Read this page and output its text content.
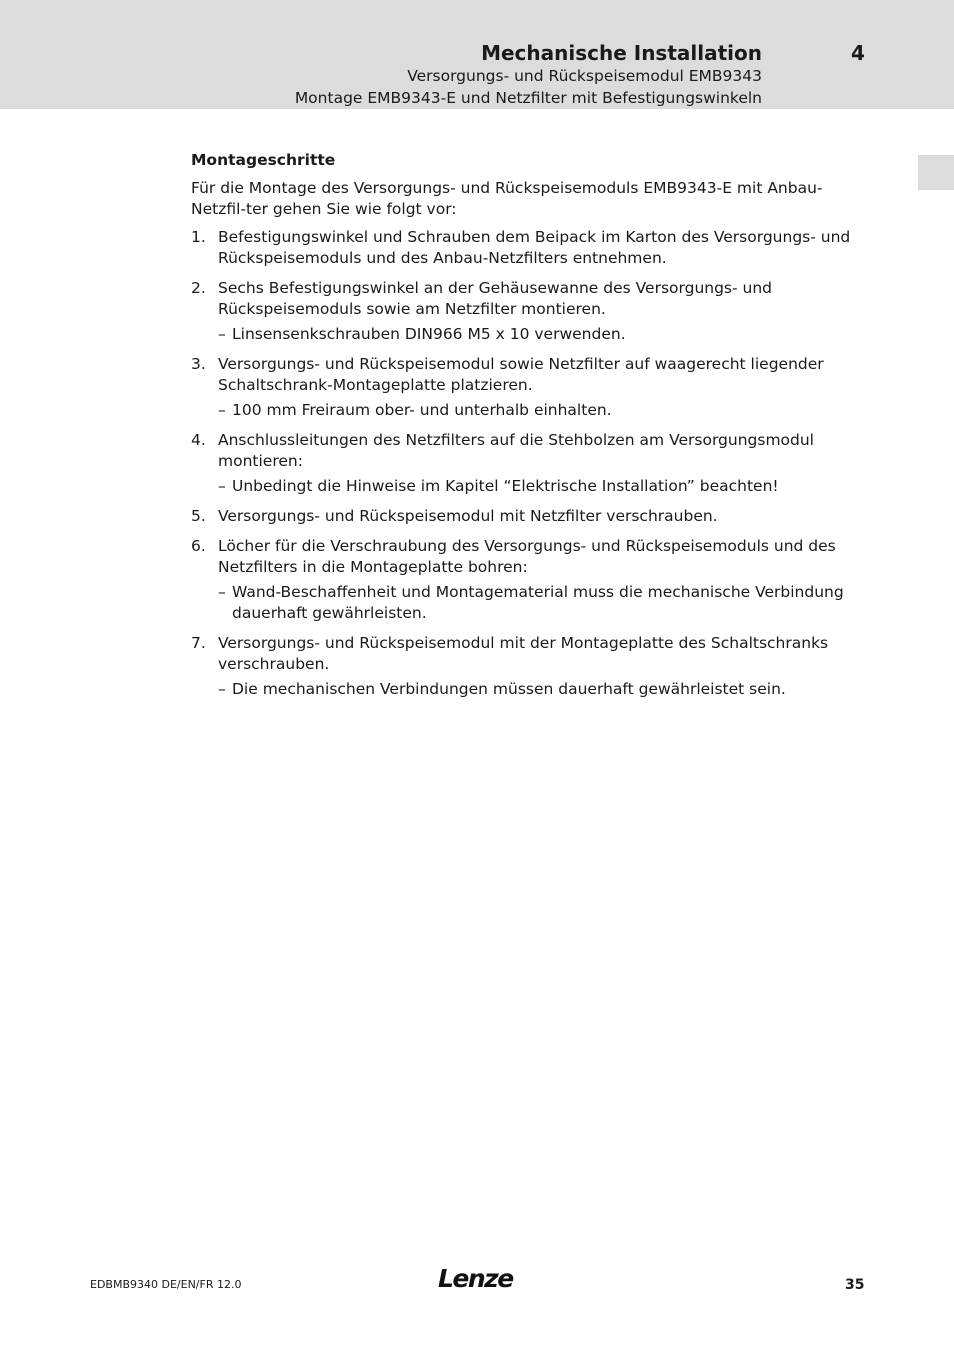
Mechanische Installation	4
Versorgungs- und Rückspeisemodul EMB9343
Montage EMB9343-E und Netzfilter mit Befestigungswinkeln
Montageschritte
Für die Montage des Versorgungs- und Rückspeisemoduls EMB9343-E mit Anbau-Netzfil-ter gehen Sie wie folgt vor:
1. Befestigungswinkel und Schrauben dem Beipack im Karton des Versorgungs- und Rückspeisemoduls und des Anbau-Netzfilters entnehmen.
2. Sechs Befestigungswinkel an der Gehäusewanne des Versorgungs- und Rückspeisemoduls sowie am Netzfilter montieren.
– Linsensenkschrauben DIN966 M5 x 10 verwenden.
3. Versorgungs- und Rückspeisemodul sowie Netzfilter auf waagerecht liegender Schaltschrank-Montageplatte platzieren.
– 100 mm Freiraum ober- und unterhalb einhalten.
4. Anschlussleitungen des Netzfilters auf die Stehbolzen am Versorgungsmodul montieren:
– Unbedingt die Hinweise im Kapitel “Elektrische Installation” beachten!
5. Versorgungs- und Rückspeisemodul mit Netzfilter verschrauben.
6. Löcher für die Verschraubung des Versorgungs- und Rückspeisemoduls und des Netzfilters in die Montageplatte bohren:
– Wand-Beschaffenheit und Montagematerial muss die mechanische Verbindung dauerhaft gewährleisten.
7. Versorgungs- und Rückspeisemodul mit der Montageplatte des Schaltschranks verschrauben.
– Die mechanischen Verbindungen müssen dauerhaft gewährleistet sein.
EDBMB9340 DE/EN/FR 12.0	Lenze	35
